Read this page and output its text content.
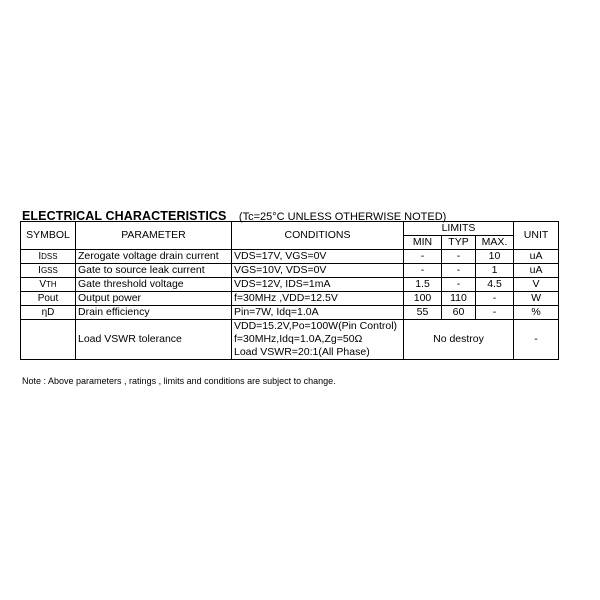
ELECTRICAL CHARACTERISTICS (Tc=25°C UNLESS OTHERWISE NOTED)
SYMBOL	PARAMETER	CONDITIONS	LIMITS			UNIT
			MIN	TYP	MAX.	
IDSS	Zerogate voltage drain current	VDS=17V, VGS=0V	-	-	10	uA
IGSS	Gate to source leak current	VGS=10V, VDS=0V	-	-	1	uA
VTH	Gate threshold voltage	VDS=12V, IDS=1mA	1.5	-	4.5	V
Pout	Output power	f=30MHz ,VDD=12.5V	100	110	-	W
ηD	Drain efficiency	Pin=7W, Idq=1.0A	55	60	-	%
	Load VSWR tolerance	VDD=15.2V,Po=100W(Pin Control)
f=30MHz,Idq=1.0A,Zg=50Ω
Load VSWR=20:1(All Phase)	No destroy			-
Note : Above parameters , ratings , limits and conditions are subject to change.
